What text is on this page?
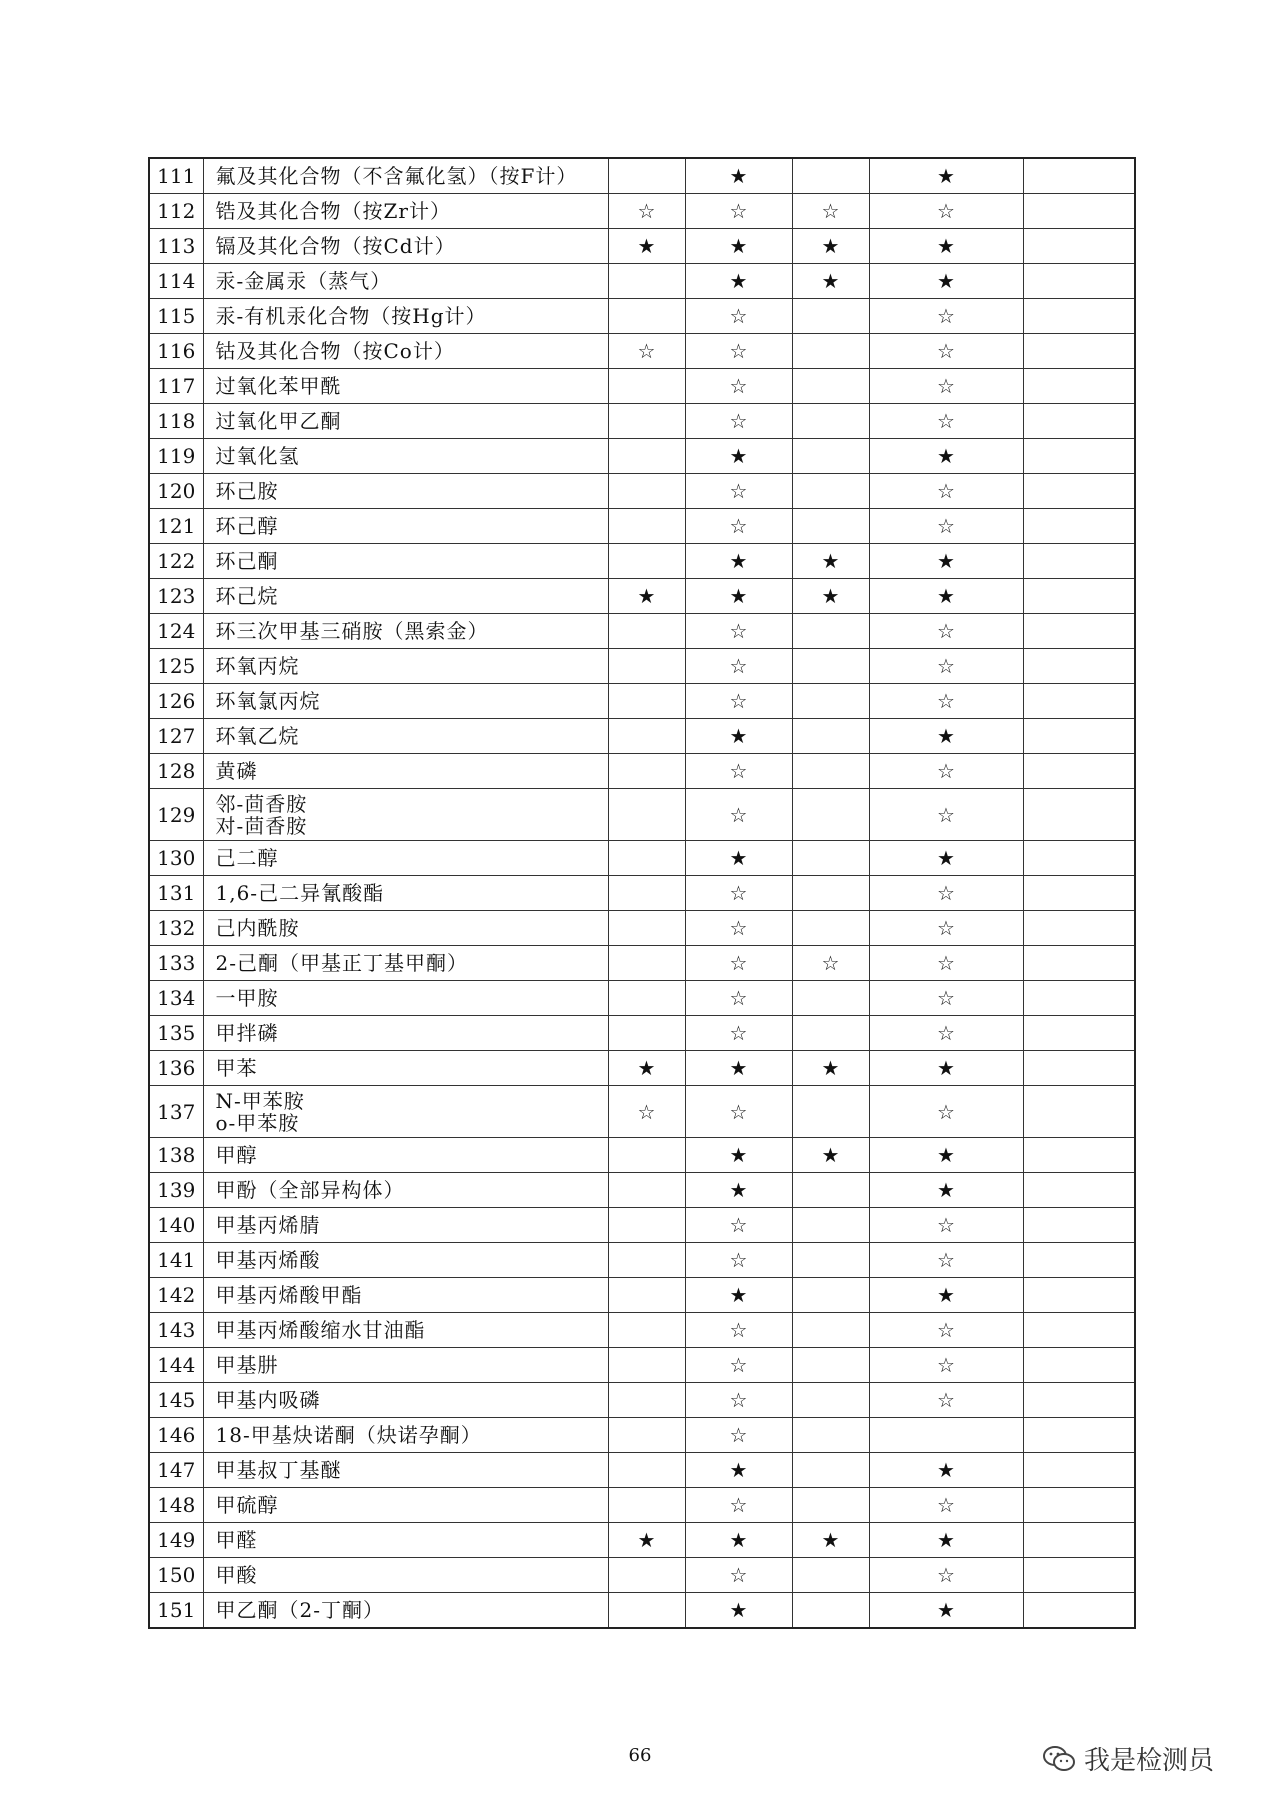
111	氟及其化合物（不含氟化氢）（按F计）		★		★	
112	锆及其化合物（按Zr计）	☆	☆	☆	☆	
113	镉及其化合物（按Cd计）	★	★	★	★	
114	汞-金属汞（蒸气）		★	★	★	
115	汞-有机汞化合物（按Hg计）		☆		☆	
116	钴及其化合物（按Co计）	☆	☆		☆	
117	过氧化苯甲酰		☆		☆	
118	过氧化甲乙酮		☆		☆	
119	过氧化氢		★		★	
120	环己胺		☆		☆	
121	环己醇		☆		☆	
122	环己酮		★	★	★	
123	环己烷	★	★	★	★	
124	环三次甲基三硝胺（黑索金）		☆		☆	
125	环氧丙烷		☆		☆	
126	环氧氯丙烷		☆		☆	
127	环氧乙烷		★		★	
128	黄磷		☆		☆	
129	邻-茴香胺
对-茴香胺		☆		☆	
130	己二醇		★		★	
131	1,6-己二异氰酸酯		☆		☆	
132	己内酰胺		☆		☆	
133	2-己酮（甲基正丁基甲酮）		☆	☆	☆	
134	一甲胺		☆		☆	
135	甲拌磷		☆		☆	
136	甲苯	★	★	★	★	
137	N-甲苯胺
o-甲苯胺	☆	☆		☆	
138	甲醇		★	★	★	
139	甲酚（全部异构体）		★		★	
140	甲基丙烯腈		☆		☆	
141	甲基丙烯酸		☆		☆	
142	甲基丙烯酸甲酯		★		★	
143	甲基丙烯酸缩水甘油酯		☆		☆	
144	甲基肼		☆		☆	
145	甲基内吸磷		☆		☆	
146	18-甲基炔诺酮（炔诺孕酮）		☆			
147	甲基叔丁基醚		★		★	
148	甲硫醇		☆		☆	
149	甲醛	★	★	★	★	
150	甲酸		☆		☆	
151	甲乙酮（2-丁酮）		★		★	
66	我是检测员
